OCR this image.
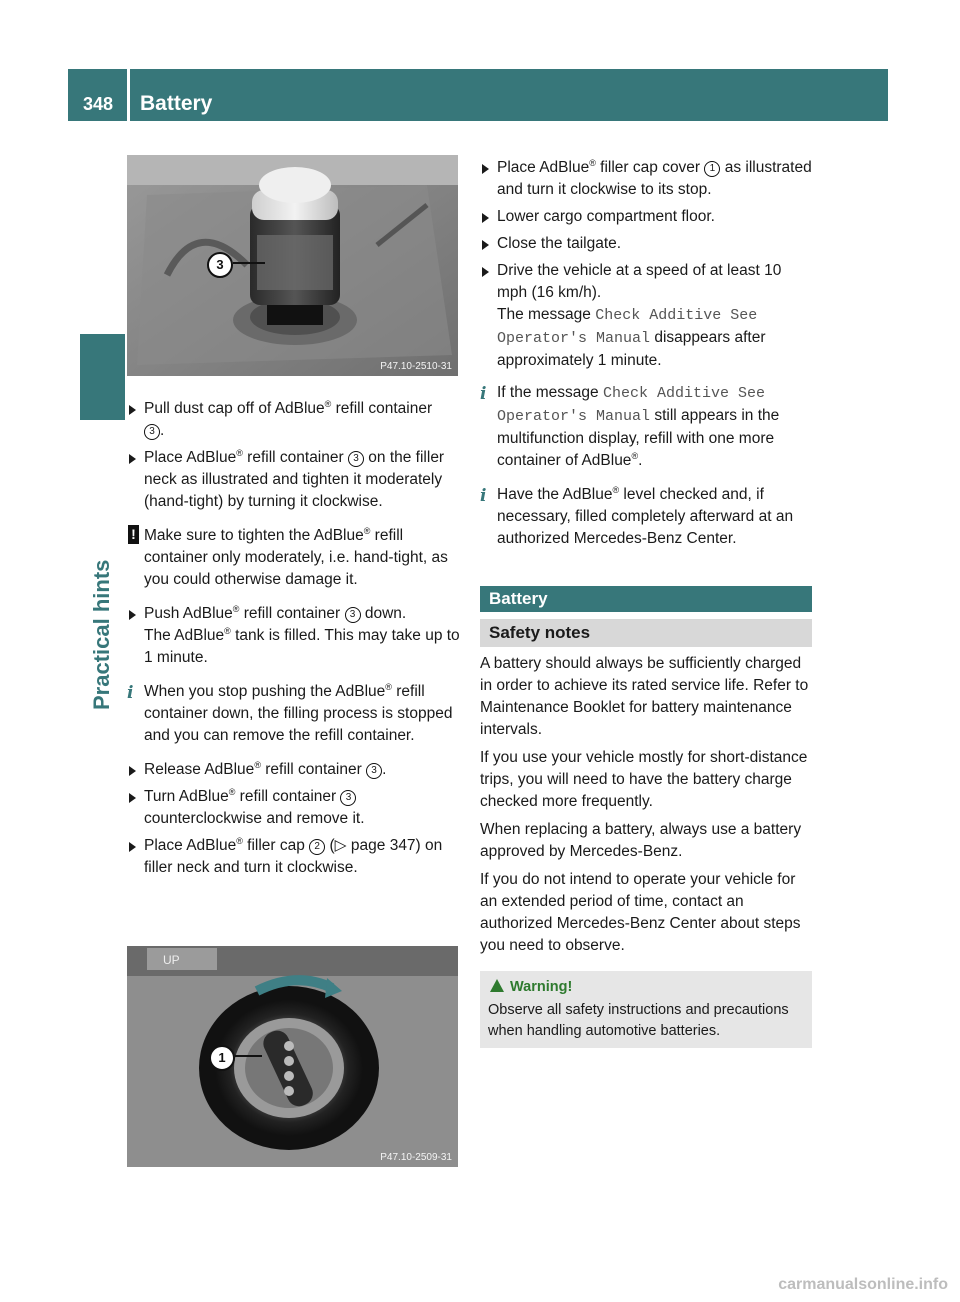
348 Battery
Practical hints
3
P47.10-2510-31
Pull dust cap off of AdBlue® refill container
3 .
Place AdBlue® refill container 3 on the filler neck as illustrated and tighten it moderately (hand-tight) by turning it clockwise.
! Make sure to tighten the AdBlue® refill container only moderately, i.e. hand-tight, as you could otherwise damage it.
Push AdBlue® refill container 3 down.
The AdBlue® tank is filled. This may take up to 1 minute.
i When you stop pushing the AdBlue® refill container down, the filling process is stopped and you can remove the refill container.
Release AdBlue® refill container 3 .
Turn AdBlue® refill container 3 counterclockwise and remove it.
Place AdBlue® filler cap 2 (▷ page 347) on filler neck and turn it clockwise.
UP
1
P47.10-2509-31
Place AdBlue® filler cap cover 1 as illustrated and turn it clockwise to its stop.
Lower cargo compartment floor.
Close the tailgate.
Drive the vehicle at a speed of at least 10 mph (16 km/h).
The message Check Additive See Operator's Manual disappears after approximately 1 minute.
i If the message Check Additive See Operator's Manual still appears in the multifunction display, refill with one more container of AdBlue®.
i Have the AdBlue® level checked and, if necessary, filled completely afterward at an authorized Mercedes-Benz Center.
Battery
Safety notes

A battery should always be sufficiently charged in order to achieve its rated service life. Refer to Maintenance Booklet for battery maintenance intervals.

If you use your vehicle mostly for short-distance trips, you will need to have the battery charge checked more frequently.

When replacing a battery, always use a battery approved by Mercedes-Benz.

If you do not intend to operate your vehicle for an extended period of time, contact an authorized Mercedes-Benz Center about steps you need to observe.

Warning!
Observe all safety instructions and precautions when handling automotive batteries.
carmanualsonline.info
